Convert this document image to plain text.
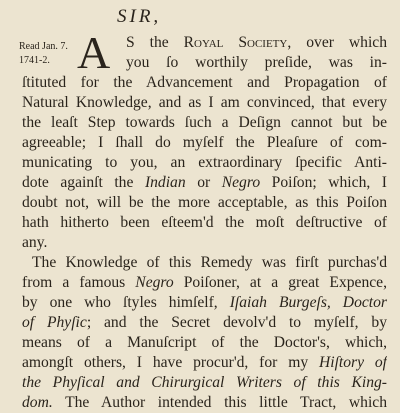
SIR,
Read Jan. 7.
1741-2. A S the Royal Society, over which
you ſo worthily preſide, was in-
ſtituted for the Advancement and Propagation of
Natural Knowledge, and as I am convinced, that every
the leaſt Step towards ſuch a Deſign cannot but be
agreeable; I ſhall do myſelf the Pleaſure of com-
municating to you, an extraordinary ſpecific Anti-
dote againſt the Indian or Negro Poiſon; which, I
doubt not, will be the more acceptable, as this Poiſon
hath hitherto been eſteem'd the moſt deſtructive of
any.
The Knowledge of this Remedy was firſt purchas'd
from a famous Negro Poiſoner, at a great Expence,
by one who ſtyles himſelf, Iſaiah Burgeſs, Doctor
of Phyſic; and the Secret devolv'd to myſelf, by
means of a Manuſcript of the Doctor's, which,
amongſt others, I have procur'd, for my Hiſtory of
the Phyſical and Chirurgical Writers of this King-
dom. The Author intended this little Tract, which
